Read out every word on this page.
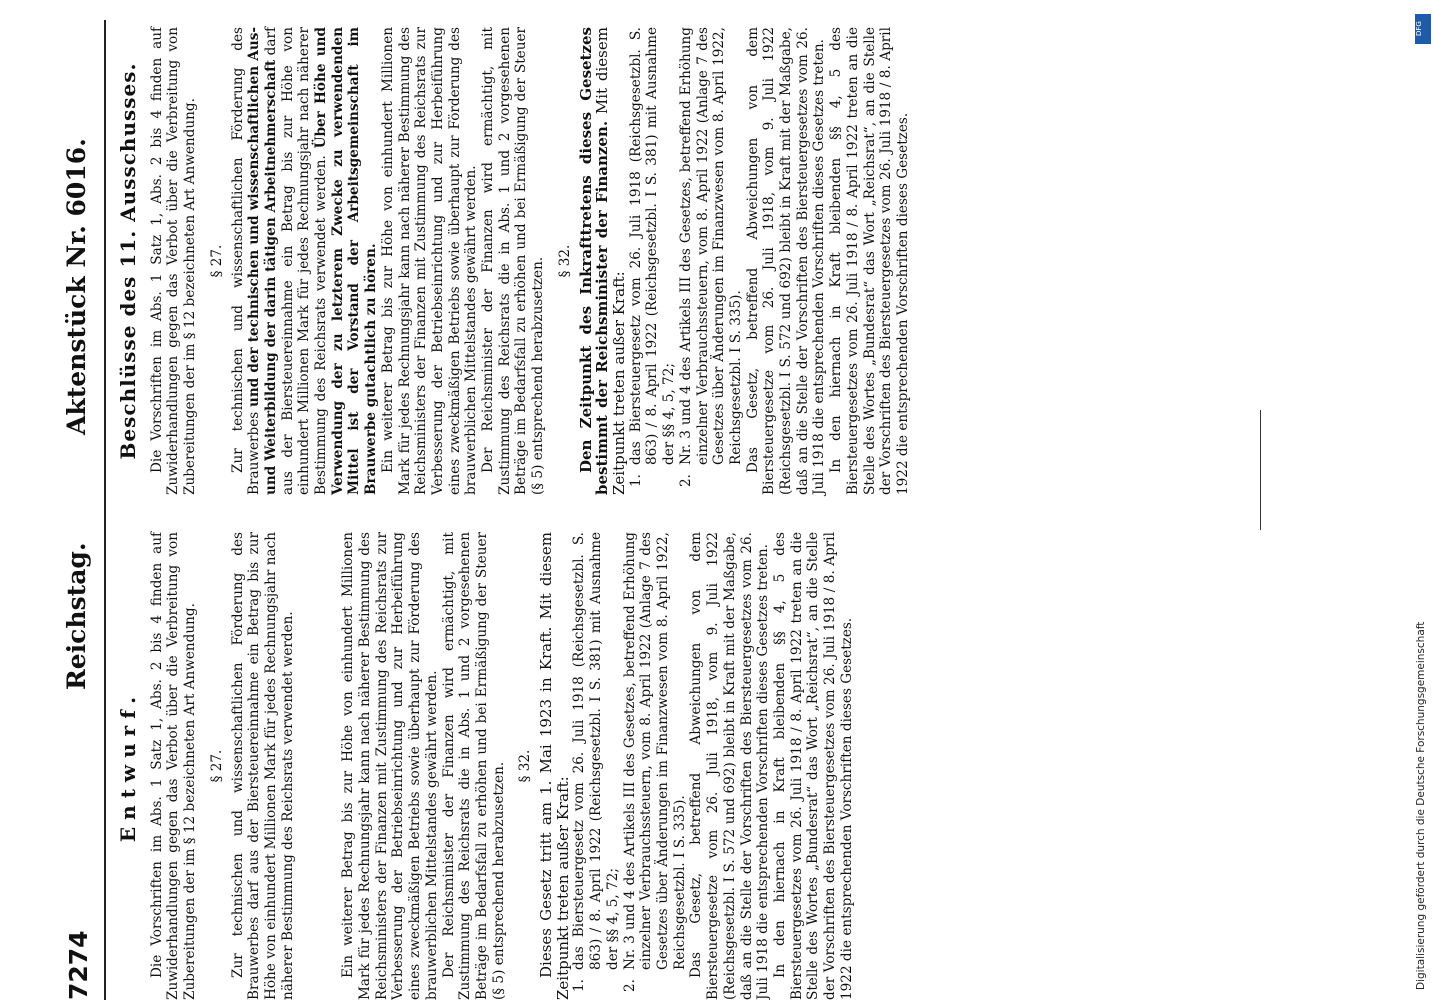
7274
Reichstag.
Aktenstück Nr. 6016.
Entwurf. Die Vorschriften im Abs. 1 Satz 1, Abs. 2 bis 4 finden auf Zuwiderhandlungen gegen das Verbot über die Verbreitung von Zubereitungen der im § 12 bezeichneten Art Anwendung. § 27. Zur technischen und wissenschaftlichen Förderung des Brauwerbes darf aus der Biersteuereinnahme ein Betrag bis zur Höhe von einhundert Millionen Mark für jedes Rechnungsjahr nach näherer Bestimmung des Reichsrats verwendet werden.	Ein weiterer Betrag bis zur Höhe von einhundert Millionen Mark für jedes Rechnungsjahr kann nach näherer Bestimmung des Reichsministers der Finanzen mit Zustimmung des Reichsrats zur Verbesserung der Betriebseinrichtung und zur Herbeiführung eines zweckmäßigen Betriebs sowie überhaupt zur Förderung des brauwerblichen Mittelstandes gewährt werden. Der Reichsminister der Finanzen wird ermächtigt, mit Zustimmung des Reichsrats die in Abs. 1 und 2 vorgesehenen Beträge im Bedarfsfall zu erhöhen und bei Ermäßigung der Steuer (§ 5) entsprechend herabzusetzen. § 32. Dieses Gesetz tritt am 1. Mai 1923 in Kraft. Mit diesem Zeitpunkt treten außer Kraft: 1.
das Biersteuergesetz vom 26. Juli 1918 (Reichsgesetzbl. S. 863) / 8. April 1922 (Reichsgesetzbl. I S. 381) mit Ausnahme der §§ 4, 5, 72;

2.
Nr. 3 und 4 des Artikels III des Gesetzes, betreffend Erhöhung einzelner Verbrauchssteuern, vom 8. April 1922 (Anlage 7 des Gesetzes über Änderungen im Finanzwesen vom 8. April 1922, Reichsgesetzbl. I S. 335). Das Gesetz, betreffend Abweichungen von dem Biersteuergesetze vom 26. Juli 1918, vom 9. Juli 1922 (Reichsgesetzbl. I S. 572 und 692) bleibt in Kraft mit der Maßgabe, daß an die Stelle der Vorschriften des Biersteuergesetzes vom 26. Juli 1918 die entsprechenden Vorschriften dieses Gesetzes treten. In den hiernach in Kraft bleibenden §§ 4, 5 des Biersteuergesetzes vom 26. Juli 1918 / 8. April 1922 treten an die Stelle des Wortes „Bundesrat“ das Wort „Reichsrat“, an die Stelle der Vorschriften des Biersteuergesetzes vom 26. Juli 1918 / 8. April 1922 die entsprechenden Vorschriften dieses Gesetzes.

Beschlüsse des 11. Ausschusses. Die Vorschriften im Abs. 1 Satz 1, Abs. 2 bis 4 finden auf Zuwiderhandlungen gegen das Verbot über die Verbreitung von Zubereitungen der im § 12 bezeichneten Art Anwendung. § 27. Zur technischen und wissenschaftlichen Förderung des Brauwerbes und der technischen und wissenschaftlichen Aus- und Weiterbildung der darin tätigen Arbeitnehmerschaft darf aus der Biersteuereinnahme ein Betrag bis zur Höhe von einhundert Millionen Mark für jedes Rechnungsjahr nach näherer Bestimmung des Reichsrats verwendet werden. Über Höhe und Verwendung der zu letzterem Zwecke zu verwendenden Mittel ist der Vorstand der Arbeitsgemeinschaft im Brauwerbe gutachtlich zu hören. Ein weiterer Betrag bis zur Höhe von einhundert Millionen Mark für jedes Rechnungsjahr kann nach näherer Bestimmung des Reichsministers der Finanzen mit Zustimmung des Reichsrats zur Verbesserung der Betriebseinrichtung und zur Herbeiführung eines zweckmäßigen Betriebs sowie überhaupt zur Förderung des brauwerblichen Mittelstandes gewährt werden. Der Reichsminister der Finanzen wird ermächtigt, mit Zustimmung des Reichsrats die in Abs. 1 und 2 vorgesehenen Beträge im Bedarfsfall zu erhöhen und bei Ermäßigung der Steuer (§ 5) entsprechend herabzusetzen. § 32. Den Zeitpunkt des Inkrafttretens dieses Gesetzes bestimmt der Reichsminister der Finanzen. Mit diesem Zeitpunkt treten außer Kraft: 1.
das Biersteuergesetz vom 26. Juli 1918 (Reichsgesetzbl. S. 863) / 8. April 1922 (Reichsgesetzbl. I S. 381) mit Ausnahme der §§ 4, 5, 72;

2.
Nr. 3 und 4 des Artikels III des Gesetzes, betreffend Erhöhung einzelner Verbrauchssteuern, vom 8. April 1922 (Anlage 7 des Gesetzes über Änderungen im Finanzwesen vom 8. April 1922, Reichsgesetzbl. I S. 335). Das Gesetz, betreffend Abweichungen von dem Biersteuergesetze vom 26. Juli 1918, vom 9. Juli 1922 (Reichsgesetzbl. I S. 572 und 692) bleibt in Kraft mit der Maßgabe, daß an die Stelle der Vorschriften des Biersteuergesetzes vom 26. Juli 1918 die entsprechenden Vorschriften dieses Gesetzes treten. In den hiernach in Kraft bleibenden §§ 4, 5 des Biersteuergesetzes vom 26. Juli 1918 / 8. April 1922 treten an die Stelle des Wortes „Bundesrat“ das Wort „Reichsrat“, an die Stelle der Vorschriften des Biersteuergesetzes vom 26. Juli 1918 / 8. April 1922 die entsprechenden Vorschriften dieses Gesetzes.

DFG
Digitalisierung gefördert durch die Deutsche Forschungsgemeinschaft
